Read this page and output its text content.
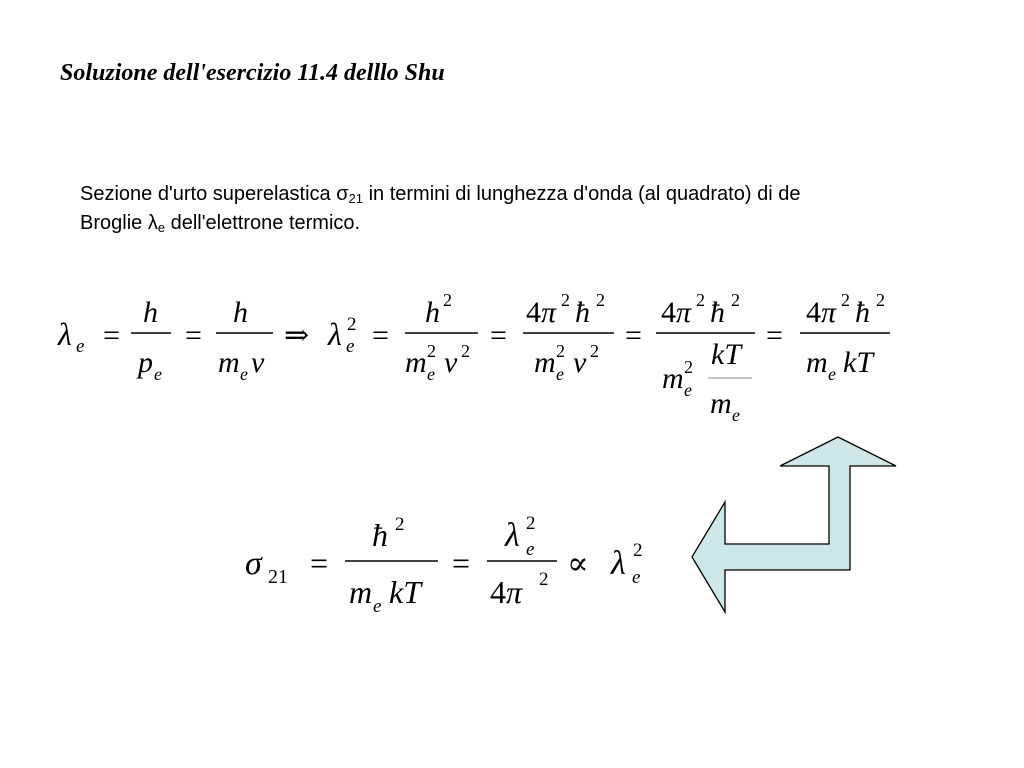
Soluzione dell'esercizio 11.4 delllo Shu
Sezione d'urto superelastica $\sigma_{21}$ in termini di lunghezza d'onda (al quadrato) di de Broglie $\lambda_e$ dell'elettrone termico.
λ e =
h
p e
=
h
m e v
⇒ λ 2
e =
h 2
m 2
e v 2 =
4 π 2 ħ 2
m 2
e v 2 =
4 π 2 ħ 2
m 2
e
kT
m e
=
4 π 2 ħ 2
m e kT
σ 21 =
ħ 2
m e kT
=
λ 2
e
4 π 2 ∝ λ 2
e
